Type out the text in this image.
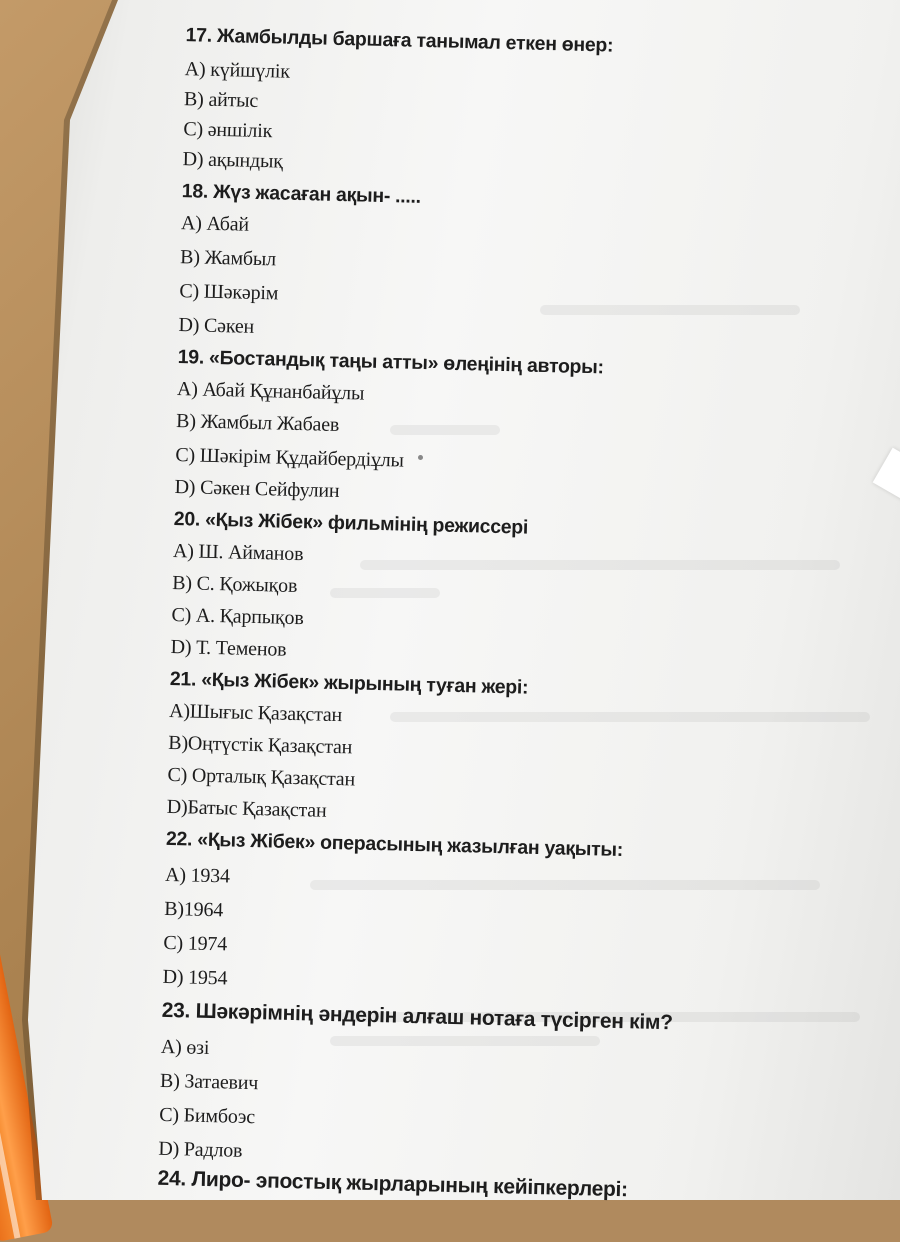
17. Жамбылды баршаға танымал еткен өнер:
A) күйшүлік
B) айтыс
C) әншілік
D) ақындық
18. Жүз жасаған ақын- .....
A) Абай
B) Жамбыл
C) Шәкәрім
D) Сәкен
19. «Бостандық таңы атты» өлеңінің авторы:
A) Абай Құнанбайұлы
B) Жамбыл Жабаев
C) Шәкірім Құдайбердіұлы
D) Сәкен Сейфулин
20. «Қыз Жібек» фильмінің режиссері
A) Ш. Айманов
B) С. Қожықов
C) А. Қарпықов
D) Т. Теменов
21. «Қыз Жібек» жырының туған жері:
A)Шығыс Қазақстан
B)Оңтүстік Қазақстан
C) Орталық Қазақстан
D)Батыс Қазақстан
22. «Қыз Жібек» операсының жазылған уақыты:
A) 1934
B)1964
C) 1974
D) 1954
23. Шәкәрімнің әндерін алғаш нотаға түсірген кім?
A) өзі
B) Затаевич
C) Бимбоэс
D) Радлов
24. Лиро- эпостық жырларының кейіпкерлері:
